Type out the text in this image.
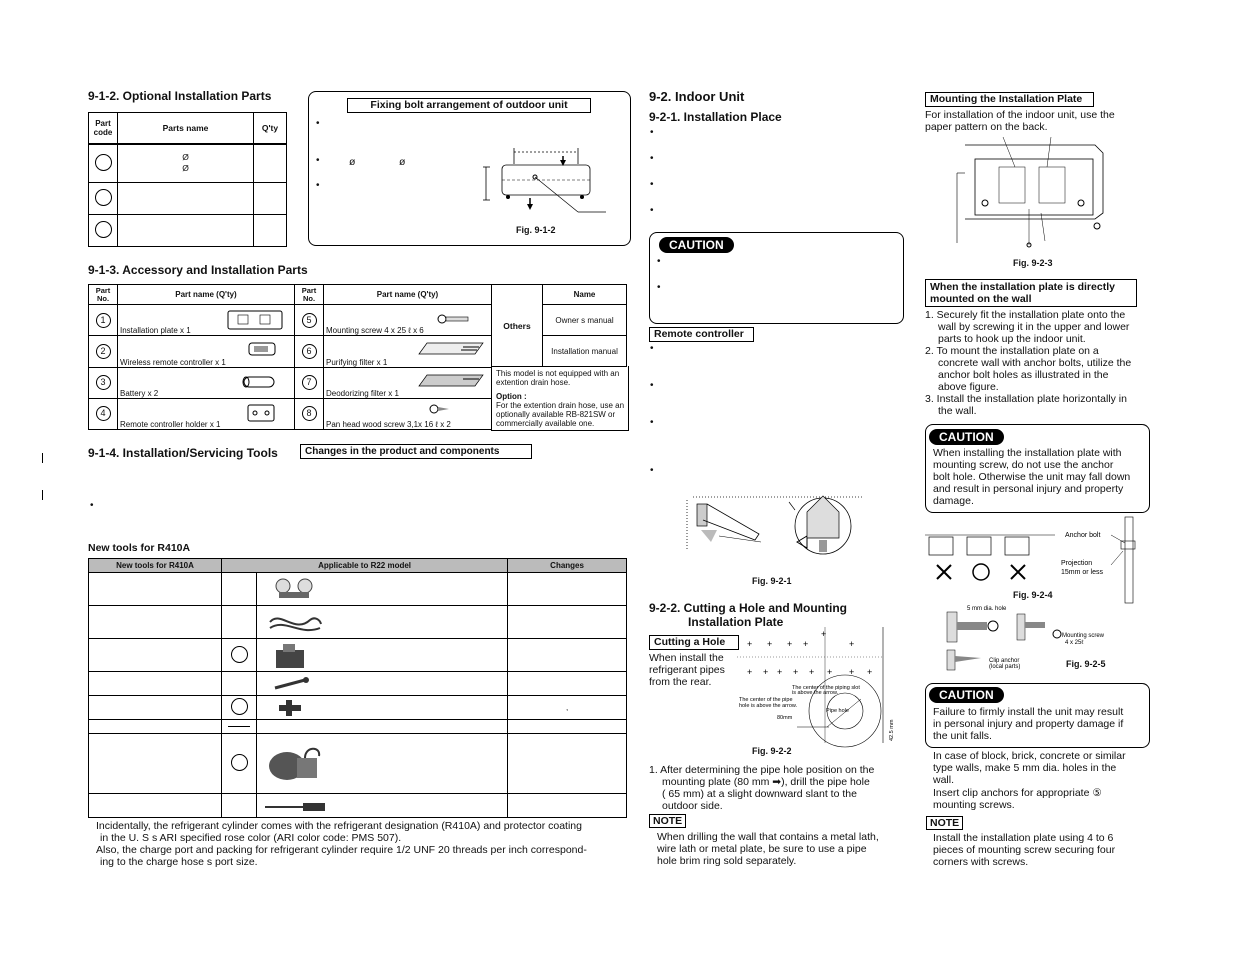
9-1-2. Optional Installation Parts
Part code	Parts name	Q'ty

	Ø
Ø	

Fixing bolt arrangement of outdoor unit
•
•	ø	ø
•
Fig. 9-1-2
9-1-3. Accessory and Installation Parts
Part No.	Part name (Q'ty)	Part No.	Part name (Q'ty)
1	Installation plate x 1	5	Mounting screw 4 x 25 ℓ x 6

2	Wireless remote controller x 1	6	Purifying filter x 1

3	Battery x 2	7	Deodorizing filter x 1

4	Remote controller holder x 1	8	Pan head wood screw 3,1x 16 ℓ x 2
Others	Name
Owner s manual
Installation manual
This model is not equipped with an extention drain hose.
Option :
For the extention drain hose, use an optionally available RB-821SW or commercially available one.
9-1-4. Installation/Servicing Tools	Changes in the product and components
•
New tools for R410A
New tools for R410A	Applicable to R22 model		Changes

	,

Incidentally, the refrigerant cylinder comes with the refrigerant designation (R410A) and protector coating
in the U. S s ARI specified rose color (ARI color code: PMS 507).
Also, the charge port and packing for refrigerant cylinder require 1/2 UNF 20 threads per inch correspond-
ing to the charge hose s port size.
9-2. Indoor Unit
9-2-1. Installation Place
•
•
•
•
CAUTION
•
•
Remote controller
•
•
•
•
Fig. 9-2-1
9-2-2. Cutting a Hole and Mounting
Installation Plate
Cutting a Hole
When install the
refrigerant pipes
from the rear.
+ + + +
+
+
+ + + + + + + +
The center of the piping slot
is above the arrow.
The center of the pipe
hole is above the arrow.
Pipe hole
80mm
42.5 mm
Fig. 9-2-2
1. After determining the pipe hole position on the
mounting plate (80 mm ➡), drill the pipe hole
( 65 mm) at a slight downward slant to the
outdoor side.
NOTE
When drilling the wall that contains a metal lath,
wire lath or metal plate, be sure to use a pipe
hole brim ring sold separately.
Mounting the Installation Plate
For installation of the indoor unit, use the
paper pattern on the back.
Fig. 9-2-3
When the installation plate is directly
mounted on the wall
1. Securely fit the installation plate onto the
wall by screwing it in the upper and lower
parts to hook up the indoor unit.
2. To mount the installation plate on a
concrete wall with anchor bolts, utilize the
anchor bolt holes as illustrated in the
above figure.
3. Install the installation plate horizontally in
the wall.
CAUTION
When installing the installation plate with
mounting screw, do not use the anchor
bolt hole. Otherwise the unit may fall down
and result in personal injury and property
damage.
Anchor bolt
Projection
15mm or less
Fig. 9-2-4
5 mm dia. hole
Mounting screw
4 x 25ℓ
Clip anchor
(local parts)	Fig. 9-2-5
CAUTION
Failure to firmly install the unit may result
in personal injury and property damage if
the unit falls.
In case of block, brick, concrete or similar
type walls, make 5 mm dia. holes in the
wall.
Insert clip anchors for appropriate ⑤
mounting screws.
NOTE
Install the installation plate using 4 to 6
pieces of mounting screw securing four
corners with screws.
